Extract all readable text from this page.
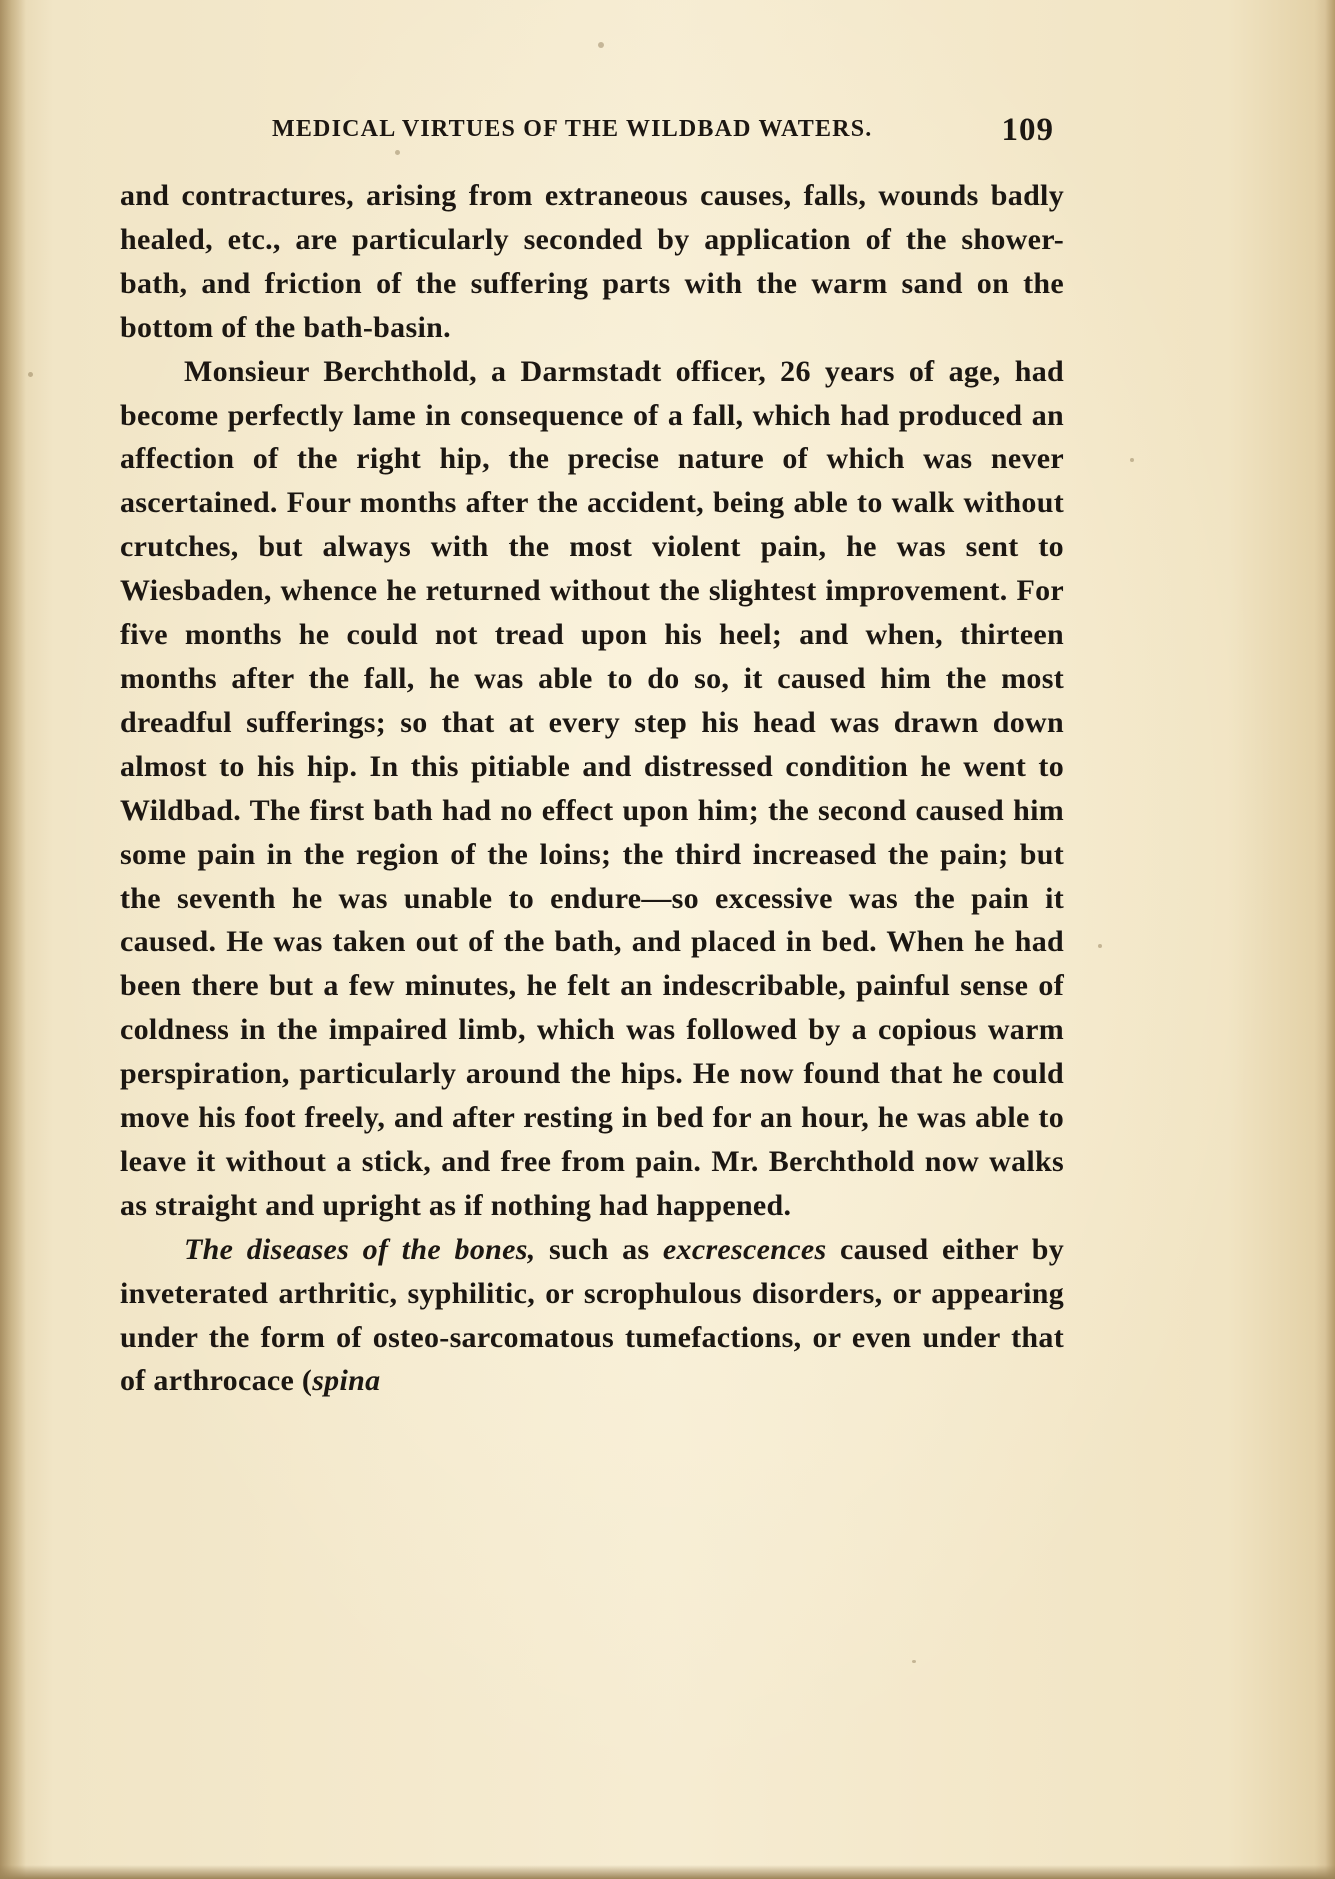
MEDICAL VIRTUES OF THE WILDBAD WATERS.	109

and contractures, arising from extraneous causes, falls, wounds badly healed, etc., are particularly seconded by application of the shower-bath, and friction of the suffering parts with the warm sand on the bottom of the bath-basin.

Monsieur Berchthold, a Darmstadt officer, 26 years of age, had become perfectly lame in consequence of a fall, which had produced an affection of the right hip, the precise nature of which was never ascertained. Four months after the accident, being able to walk without crutches, but always with the most violent pain, he was sent to Wiesbaden, whence he returned without the slightest improvement. For five months he could not tread upon his heel; and when, thirteen months after the fall, he was able to do so, it caused him the most dreadful sufferings; so that at every step his head was drawn down almost to his hip. In this pitiable and distressed condition he went to Wildbad. The first bath had no effect upon him; the second caused him some pain in the region of the loins; the third increased the pain; but the seventh he was unable to endure—so excessive was the pain it caused. He was taken out of the bath, and placed in bed. When he had been there but a few minutes, he felt an indescribable, painful sense of coldness in the impaired limb, which was followed by a copious warm perspiration, particularly around the hips. He now found that he could move his foot freely, and after resting in bed for an hour, he was able to leave it without a stick, and free from pain. Mr. Berchthold now walks as straight and upright as if nothing had happened.

The diseases of the bones, such as excrescences caused either by inveterated arthritic, syphilitic, or scrophulous disorders, or appearing under the form of osteo-sarcomatous tumefactions, or even under that of arthrocace (spina
